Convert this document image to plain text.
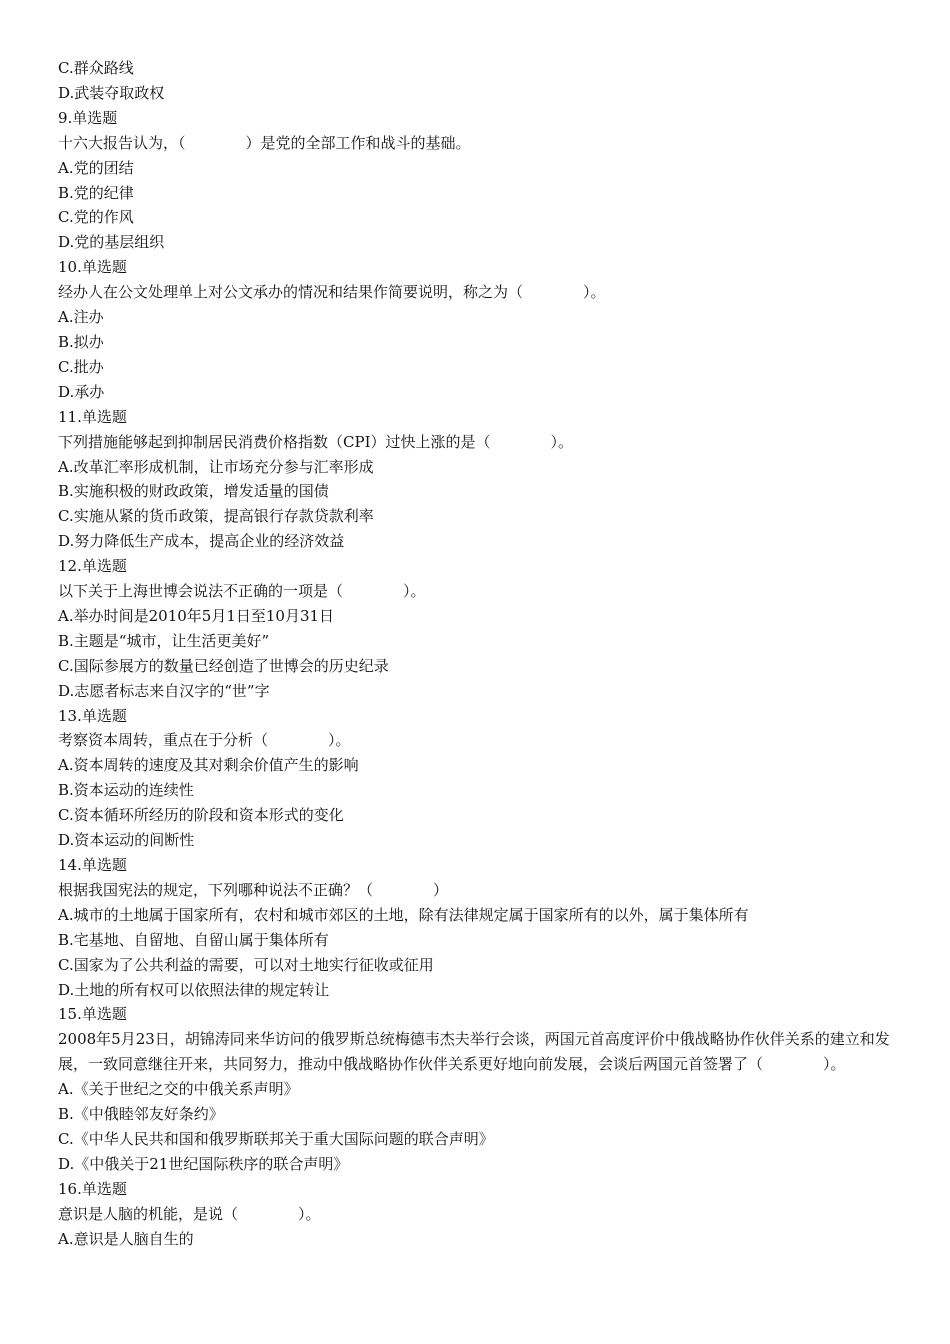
C.群众路线
D.武装夺取政权
9.单选题
十六大报告认为，（　　　　）是党的全部工作和战斗的基础。
A.党的团结
B.党的纪律
C.党的作风
D.党的基层组织
10.单选题
经办人在公文处理单上对公文承办的情况和结果作简要说明，称之为（　　　　）。
A.注办
B.拟办
C.批办
D.承办
11.单选题
下列措施能够起到抑制居民消费价格指数（CPI）过快上涨的是（　　　　）。
A.改革汇率形成机制，让市场充分参与汇率形成
B.实施积极的财政政策，增发适量的国债
C.实施从紧的货币政策，提高银行存款贷款利率
D.努力降低生产成本，提高企业的经济效益
12.单选题
以下关于上海世博会说法不正确的一项是（　　　　）。
A.举办时间是2010年5月1日至10月31日
B.主题是“城市，让生活更美好”
C.国际参展方的数量已经创造了世博会的历史纪录
D.志愿者标志来自汉字的“世”字
13.单选题
考察资本周转，重点在于分析（　　　　）。
A.资本周转的速度及其对剩余价值产生的影响
B.资本运动的连续性
C.资本循环所经历的阶段和资本形式的变化
D.资本运动的间断性
14.单选题
根据我国宪法的规定，下列哪种说法不正确？（　　　　）
A.城市的土地属于国家所有，农村和城市郊区的土地，除有法律规定属于国家所有的以外，属于集体所有
B.宅基地、自留地、自留山属于集体所有
C.国家为了公共利益的需要，可以对土地实行征收或征用
D.土地的所有权可以依照法律的规定转让
15.单选题
2008年5月23日，胡锦涛同来华访问的俄罗斯总统梅德韦杰夫举行会谈，两国元首高度评价中俄战略协作伙伴关系的建立和发展，一致同意继往开来，共同努力，推动中俄战略协作伙伴关系更好地向前发展，会谈后两国元首签署了（　　　　）。
A.《关于世纪之交的中俄关系声明》
B.《中俄睦邻友好条约》
C.《中华人民共和国和俄罗斯联邦关于重大国际问题的联合声明》
D.《中俄关于21世纪国际秩序的联合声明》
16.单选题
意识是人脑的机能，是说（　　　　）。
A.意识是人脑自生的
